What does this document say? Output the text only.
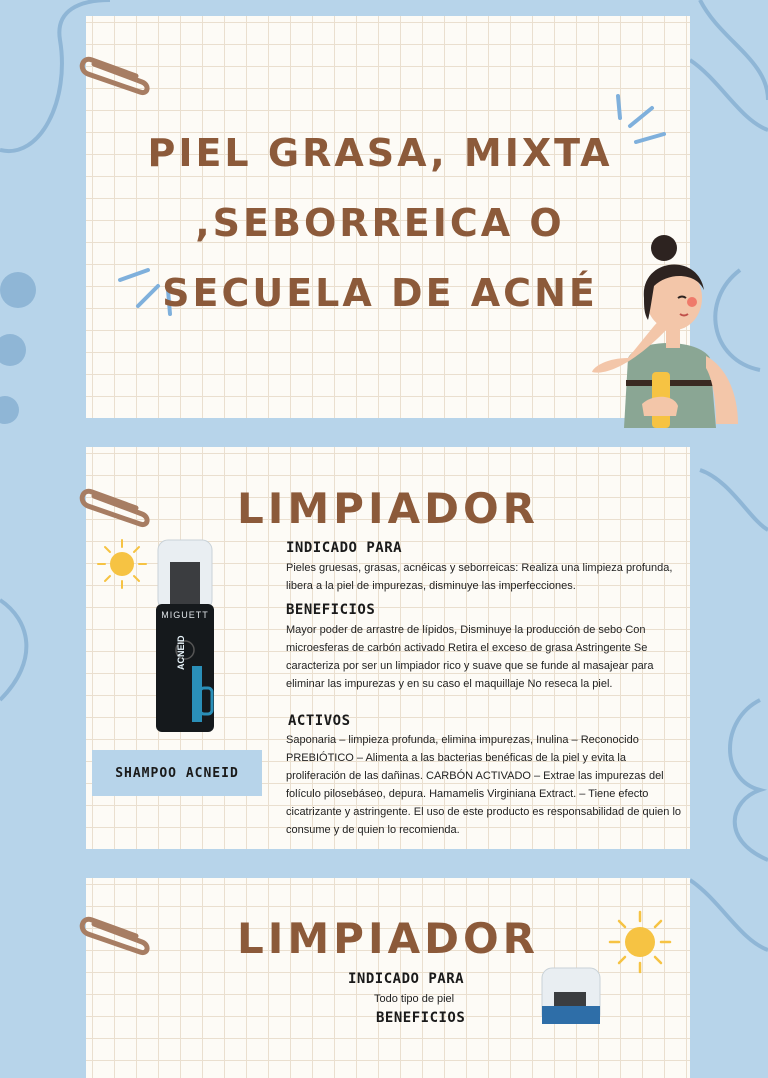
PIEL GRASA, MIXTA ,SEBORREICA O SECUELA DE ACNÉ
LIMPIADOR
MIGUETT
ACNEID
SHAMPOO ACNEID
INDICADO PARA

Pieles gruesas, grasas, acnéicas y seborreicas: Realiza una limpieza profunda, libera a la piel de impurezas, disminuye las imperfecciones.

BENEFICIOS

Mayor poder de arrastre de lípidos, Disminuye la producción de sebo Con microesferas de carbón activado Retira el exceso de grasa Astringente Se caracteriza por ser un limpiador rico y suave que se funde al masajear para eliminar las impurezas y en su caso el maquillaje No reseca la piel.

ACTIVOS

Saponaria – limpieza profunda, elimina impurezas, Inulina – Reconocido PREBIÓTICO – Alimenta a las bacterias benéficas de la piel y evita la proliferación de las dañinas. CARBÓN ACTIVADO – Extrae las impurezas del folículo pilosebáseo, depura. Hamamelis Virginiana Extract. – Tiene efecto cicatrizante y astringente. El uso de este producto es responsabilidad de quien lo consume y de quien lo recomienda.

LIMPIADOR
INDICADO PARA

Todo tipo de piel

BENEFICIOS
